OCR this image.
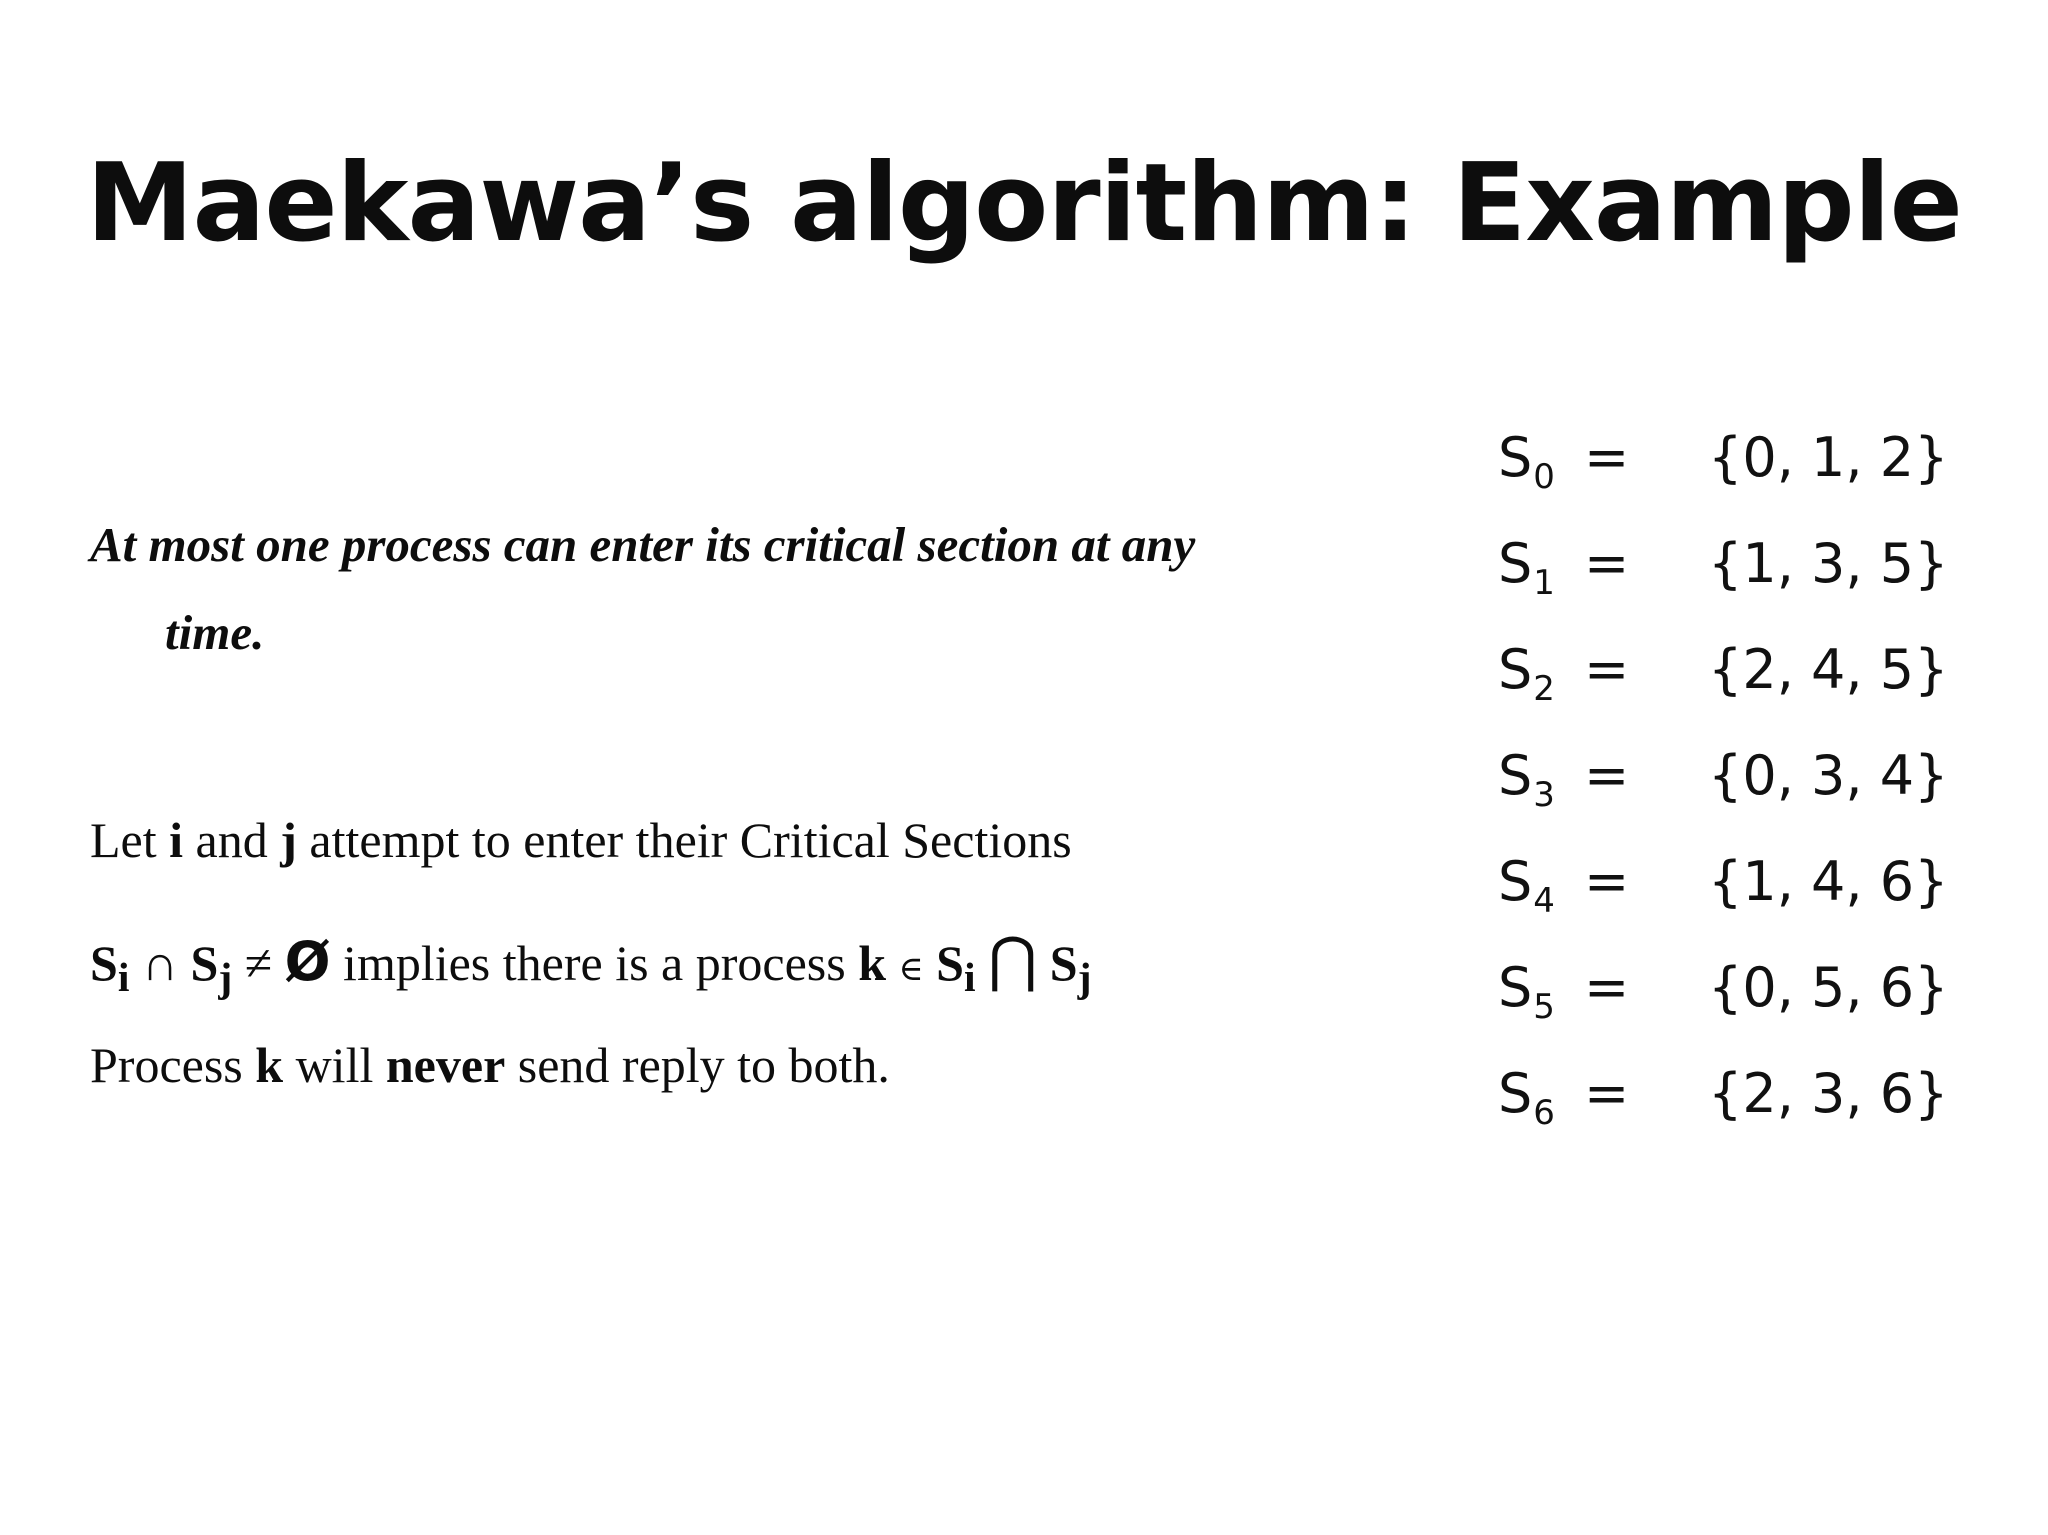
Maekawa’s algorithm: Example
At most one process can enter its critical section at any
time.
Let i and j attempt to enter their Critical Sections
$S_i$ ∩ $S_j$ ≠ Ø implies there is a process k ∈ $S_i$ ⋂ $S_j$
Process k will never send reply to both.
$S_0 = \{0$, 1, 2}
$S_1 = \{1$, 3, 5}
$S_2 = \{2$, 4, 5}
$S_3 = \{0$, 3, 4}
$S_4 = \{1$, 4, 6}
$S_5 = \{0$, 5, 6}
$S_6 = \{2$, 3, 6}
